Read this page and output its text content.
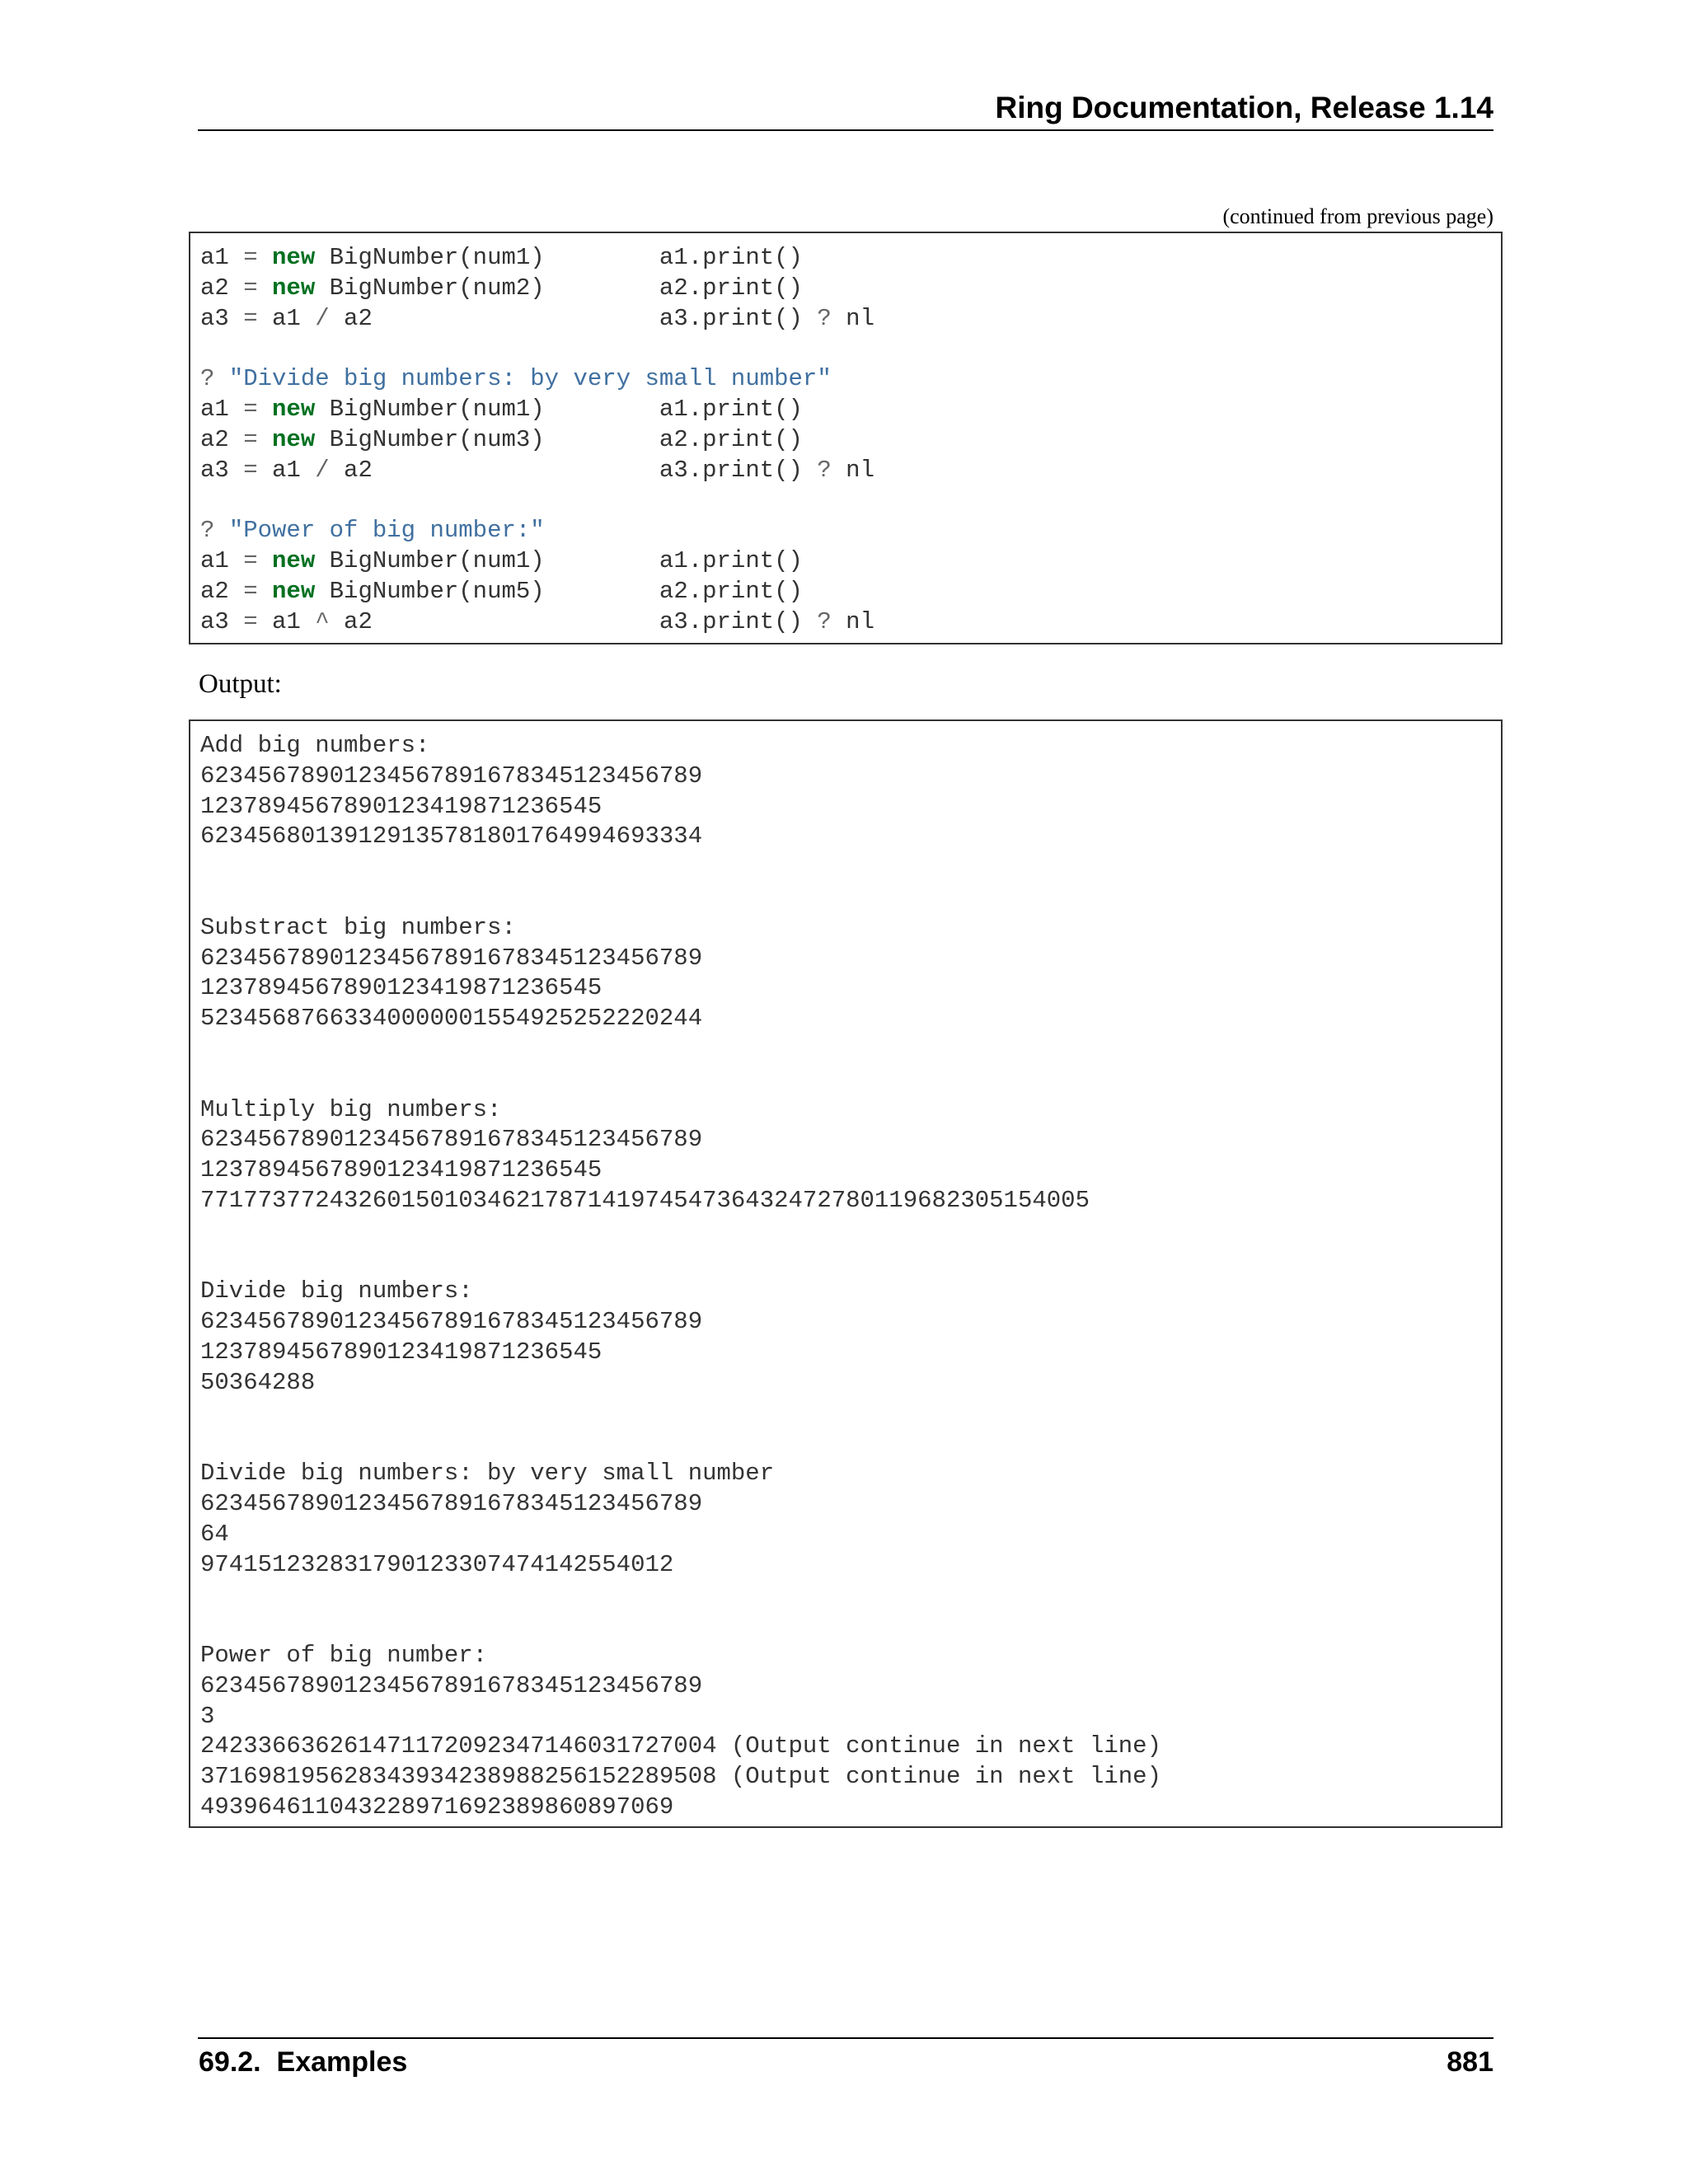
Ring Documentation, Release 1.14
(continued from previous page)
a1 = new BigNumber(num1)        a1.print()
a2 = new BigNumber(num2)        a2.print()
a3 = a1 / a2                    a3.print() ? nl
? "Divide big numbers: by very small number"
a1 = new BigNumber(num1)        a1.print()
a2 = new BigNumber(num3)        a2.print()
a3 = a1 / a2                    a3.print() ? nl
? "Power of big number:"
a1 = new BigNumber(num1)        a1.print()
a2 = new BigNumber(num5)        a2.print()
a3 = a1 ^ a2                    a3.print() ? nl
Output:
Add big numbers:
62345678901234567891678345123456789
1237894567890123419871236545
62345680139129135781801764994693334
Substract big numbers:
62345678901234567891678345123456789
1237894567890123419871236545
52345687663340000001554925252220244
Multiply big numbers:
62345678901234567891678345123456789
1237894567890123419871236545
77177377243260150103462178714197454736432472780119682305154005
Divide big numbers:
62345678901234567891678345123456789
1237894567890123419871236545
50364288
Divide big numbers: by very small number
62345678901234567891678345123456789
64
974151232831790123307474142554012
Power of big number:
62345678901234567891678345123456789
3
242336636261471172092347146031727004 (Output continue in next line)
371698195628343934238988256152289508 (Output continue in next line)
4939646110432289716923898608970​69
69.2.  Examples	881
